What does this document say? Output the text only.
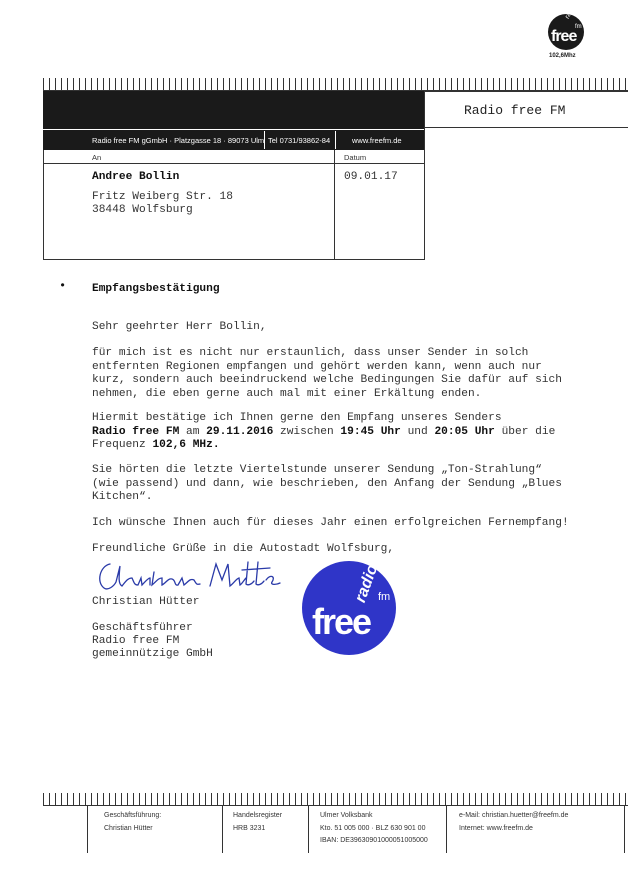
radio
free
fm
102,6Mhz
Radio free FM
Radio free FM gGmbH · Platzgasse 18 · 89073 Ulm Tel 0731/93862-84	www.freefm.de
An	Datum
Andree Bollin
Fritz Weiberg Str. 18
38448 Wolfsburg
09.01.17
• Empfangsbestätigung
Sehr geehrter Herr Bollin,
für mich ist es nicht nur erstaunlich, dass unser Sender in solch
entfernten Regionen empfangen und gehört werden kann, wenn auch nur
kurz, sondern auch beeindruckend welche Bedingungen Sie dafür auf sich
nehmen, die eben gerne auch mal mit einer Erkältung enden.
Hiermit bestätige ich Ihnen gerne den Empfang unseres Senders
Radio free FM am 29.11.2016 zwischen 19:45 Uhr und 20:05 Uhr über die
Frequenz 102,6 MHz.
Sie hörten die letzte Viertelstunde unserer Sendung „Ton-Strahlung“
(wie passend) und dann, wie beschrieben, den Anfang der Sendung „Blues
Kitchen“.
Ich wünsche Ihnen auch für dieses Jahr einen erfolgreichen Fernempfang!
Freundliche Grüße in die Autostadt Wolfsburg,
Christian Hütter
Geschäftsführer
Radio free FM
gemeinnützige GmbH
radio
free
fm
Geschäftsführung:
Christian Hütter
Handelsregister
HRB 3231
Ulmer Volksbank
Kto. 51 005 000 · BLZ 630 901 00
IBAN: DE39630901000051005000
e-Mail: christian.huetter@freefm.de
Internet: www.freefm.de
